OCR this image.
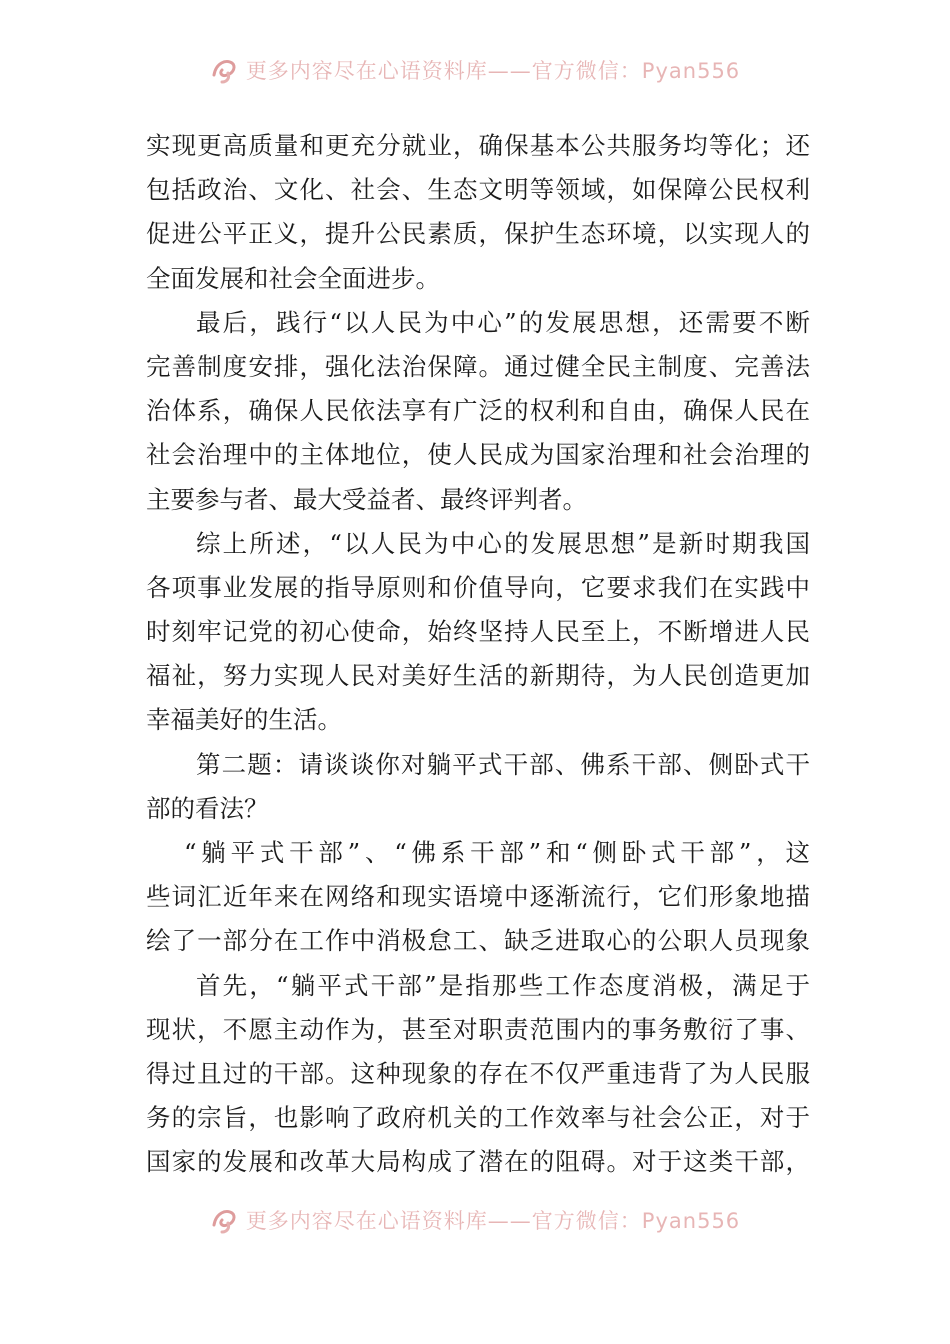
更多内容尽在心语资料库——官方微信：Pyan556
实现更高质量和更充分就业，确保基本公共服务均等化；还
包括政治、文化、社会、生态文明等领域，如保障公民权利
促进公平正义，提升公民素质，保护生态环境，以实现人的
全面发展和社会全面进步。
最后，践行“以人民为中心”的发展思想，还需要不断
完善制度安排，强化法治保障。通过健全民主制度、完善法
治体系，确保人民依法享有广泛的权利和自由，确保人民在
社会治理中的主体地位，使人民成为国家治理和社会治理的
主要参与者、最大受益者、最终评判者。
综上所述，“以人民为中心的发展思想”是新时期我国
各项事业发展的指导原则和价值导向，它要求我们在实践中
时刻牢记党的初心使命，始终坚持人民至上，不断增进人民
福祉，努力实现人民对美好生活的新期待，为人民创造更加
幸福美好的生活。
第二题：请谈谈你对躺平式干部、佛系干部、侧卧式干
部的看法？
“躺平式干部”、“佛系干部”和“侧卧式干部”，这
些词汇近年来在网络和现实语境中逐渐流行，它们形象地描
绘了一部分在工作中消极怠工、缺乏进取心的公职人员现象
首先，“躺平式干部”是指那些工作态度消极，满足于
现状，不愿主动作为，甚至对职责范围内的事务敷衍了事、
得过且过的干部。这种现象的存在不仅严重违背了为人民服
务的宗旨，也影响了政府机关的工作效率与社会公正，对于
国家的发展和改革大局构成了潜在的阻碍。对于这类干部，
更多内容尽在心语资料库——官方微信：Pyan556
